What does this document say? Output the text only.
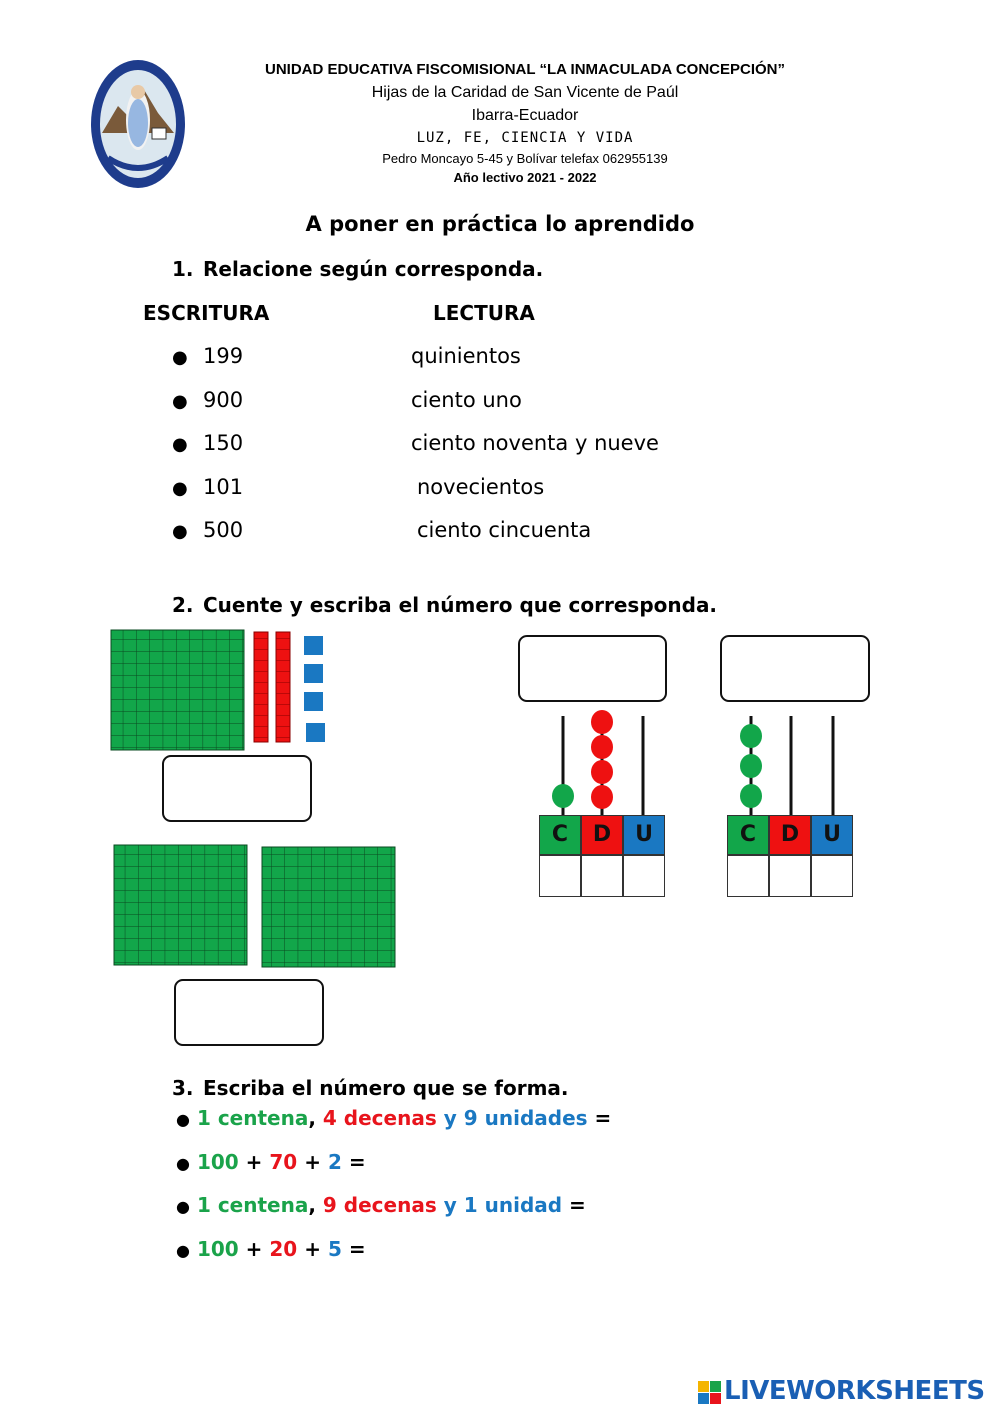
UNIDAD EDUCATIVA FISCOMISIONAL “LA INMACULADA CONCEPCIÓN”
Hijas de la Caridad de San Vicente de Paúl
Ibarra-Ecuador
LUZ, FE, CIENCIA Y VIDA
Pedro Moncayo 5-45 y Bolívar telefax 062955139
Año lectivo 2021 - 2022
A poner en práctica lo aprendido
1. Relacione según corresponda.
ESCRITURA	LECTURA
● 199	quinientos
● 900	ciento uno
● 150	ciento noventa y nueve
● 101	novecientos
● 500	ciento cincuenta
2. Cuente y escriba el número que corresponda.
C	D	U	C	D	U
3. Escriba el número que se forma.
● 1 centena, 4 decenas y 9 unidades =
● 100 + 70 + 2 =
● 1 centena, 9 decenas y 1 unidad =
● 100 + 20 + 5 =
LIVEWORKSHEETS
